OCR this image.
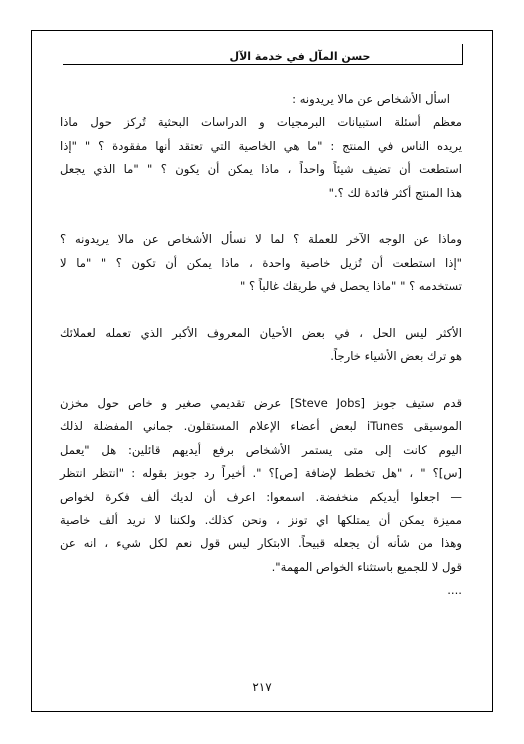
حسن المآل في خدمة الآل
اسأل الأشخاص عن مالا يريدونه :
معظم أسئلة استبيانات البرمجيات و الدراسات البحثية تُركز حول ماذا
يريده الناس في المنتج : "ما هي الخاصية التي تعتقد أنها مفقودة ؟ " "إذا
استطعت أن تضيف شيئاً واحداً ، ماذا يمكن أن يكون ؟ " "ما الذي يجعل
هذا المنتج أكثر فائدة لك ؟."
وماذا عن الوجه الآخر للعملة ؟ لما لا نسأل الأشخاص عن مالا يريدونه ؟
"إذا استطعت أن تُزيل خاصية واحدة ، ماذا يمكن أن تكون ؟ " "ما لا
تستخدمه ؟ " "ماذا يحصل في طريقك غالباً ؟ "
الأكثر ليس الحل ، في بعض الأحيان المعروف الأكبر الذي تعمله لعملائك
هو ترك بعض الأشياء خارجاً.
قدم ستيف جوبز [Steve Jobs] عرض تقديمي صغير و خاص حول مخزن
الموسيقى iTunes لبعض أعضاء الإعلام المستقلون. جماني المفضلة لذلك
اليوم كانت إلى متى يستمر الأشخاص برفع أيديهم قائلين: هل "يعمل
[س]؟ " ، "هل تخطط لإضافة [ص]؟ ". أخيراً رد جوبز بقوله : "انتظر انتظر
— اجعلوا أيديكم منخفضة. اسمعوا: اعرف أن لديك ألف فكرة لخواص
مميزة يمكن أن يمتلكها اي تونز ، ونحن كذلك. ولكننا لا نريد ألف خاصية
وهذا من شأنه أن يجعله قبيحاً. الابتكار ليس قول نعم لكل شيء ، انه عن
قول لا للجميع باستثناء الخواص المهمة".
....
٢١٧
